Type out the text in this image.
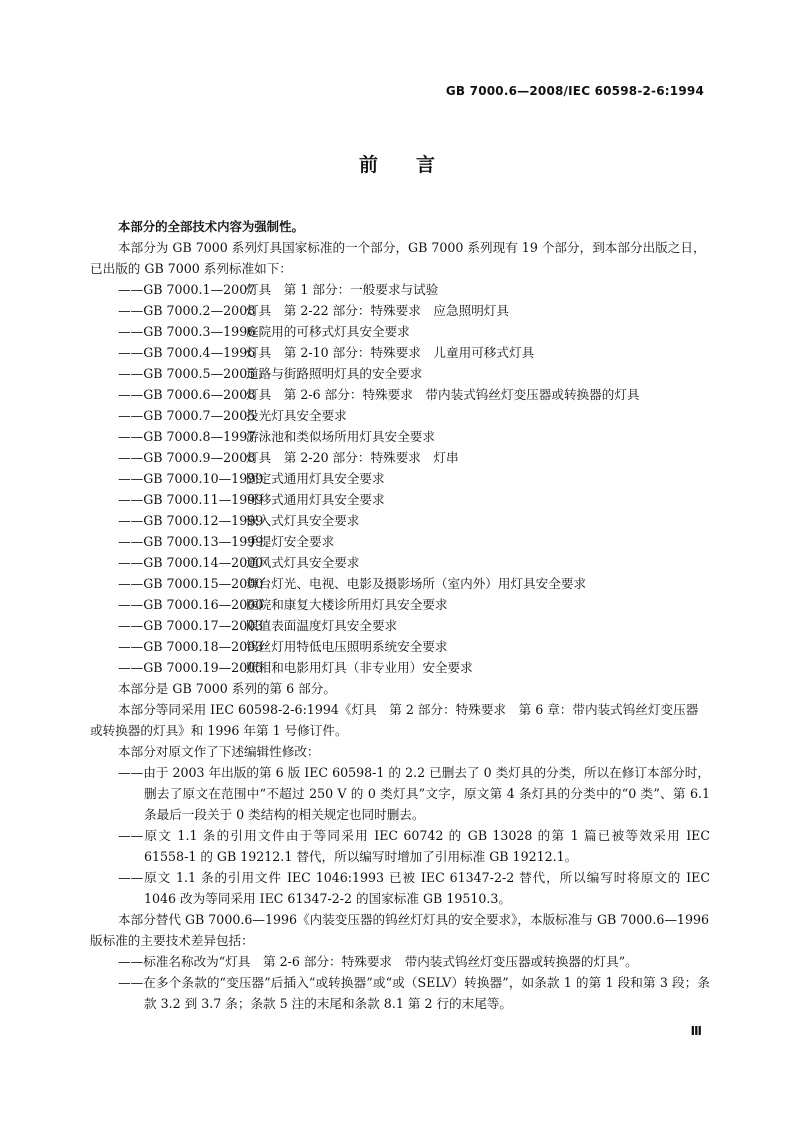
GB 7000.6—2008/IEC 60598-2-6:1994
前言

本部分的全部技术内容为强制性。

本部分为 GB 7000 系列灯具国家标准的一个部分，GB 7000 系列现有 19 个部分，到本部分出版之日，已出版的 GB 7000 系列标准如下：

——GB 7000.1—2007灯具　第 1 部分：一般要求与试验
——GB 7000.2—2008灯具　第 2-22 部分：特殊要求　应急照明灯具
——GB 7000.3—1996庭院用的可移式灯具安全要求
——GB 7000.4—1996灯具　第 2-10 部分：特殊要求　儿童用可移式灯具
——GB 7000.5—2005道路与街路照明灯具的安全要求
——GB 7000.6—2008灯具　第 2-6 部分：特殊要求　带内装式钨丝灯变压器或转换器的灯具
——GB 7000.7—2005投光灯具安全要求
——GB 7000.8—1997游泳池和类似场所用灯具安全要求
——GB 7000.9—2008灯具　第 2-20 部分：特殊要求　灯串
——GB 7000.10—1999固定式通用灯具安全要求
——GB 7000.11—1999可移式通用灯具安全要求
——GB 7000.12—1999嵌入式灯具安全要求
——GB 7000.13—1999手提灯安全要求
——GB 7000.14—2000通风式灯具安全要求
——GB 7000.15—2000舞台灯光、电视、电影及摄影场所（室内外）用灯具安全要求
——GB 7000.16—2000医院和康复大楼诊所用灯具安全要求
——GB 7000.17—2003限值表面温度灯具安全要求
——GB 7000.18—2003钨丝灯用特低电压照明系统安全要求
——GB 7000.19—2005照相和电影用灯具（非专业用）安全要求

本部分是 GB 7000 系列的第 6 部分。

本部分等同采用 IEC 60598-2-6:1994《灯具　第 2 部分：特殊要求　第 6 章：带内装式钨丝灯变压器或转换器的灯具》和 1996 年第 1 号修订件。

本部分对原文作了下述编辑性修改：

——由于 2003 年出版的第 6 版 IEC 60598-1 的 2.2 已删去了 0 类灯具的分类，所以在修订本部分时，删去了原文在范围中“不超过 250 V 的 0 类灯具”文字，原文第 4 条灯具的分类中的“0 类”、第 6.1 条最后一段关于 0 类结构的相关规定也同时删去。

——原文 1.1 条的引用文件由于等同采用 IEC 60742 的 GB 13028 的第 1 篇已被等效采用 IEC 61558-1 的 GB 19212.1 替代，所以编写时增加了引用标准 GB 19212.1。

——原文 1.1 条的引用文件 IEC 1046:1993 已被 IEC 61347-2-2 替代，所以编写时将原文的 IEC 1046 改为等同采用 IEC 61347-2-2 的国家标准 GB 19510.3。

本部分替代 GB 7000.6—1996《内装变压器的钨丝灯灯具的安全要求》，本版标准与 GB 7000.6—1996 版标准的主要技术差异包括：

——标准名称改为“灯具　第 2-6 部分：特殊要求　带内装式钨丝灯变压器或转换器的灯具”。

——在多个条款的“变压器”后插入“或转换器”或“或（SELV）转换器”，如条款 1 的第 1 段和第 3 段；条款 3.2 到 3.7 条；条款 5 注的末尾和条款 8.1 第 2 行的末尾等。

Ⅲ
